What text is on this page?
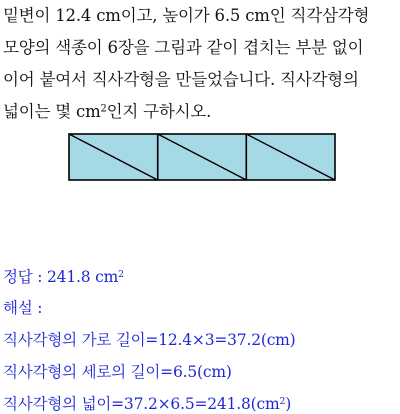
밑변이 12.4 cm이고, 높이가 6.5 cm인 직각삼각형
모양의 색종이 6장을 그림과 같이 겹치는 부분 없이
이어 붙여서 직사각형을 만들었습니다. 직사각형의
넓이는 몇 $cm^2$인지 구하시오.
정답 : 241.8 $cm^2$
해설 :
직사각형의 가로 길이=12.4×3=37.2(cm)
직사각형의 세로의 길이=6.5(cm)
직사각형의 넓이$=37.2\times 6.5=241.8(cm^2)$
